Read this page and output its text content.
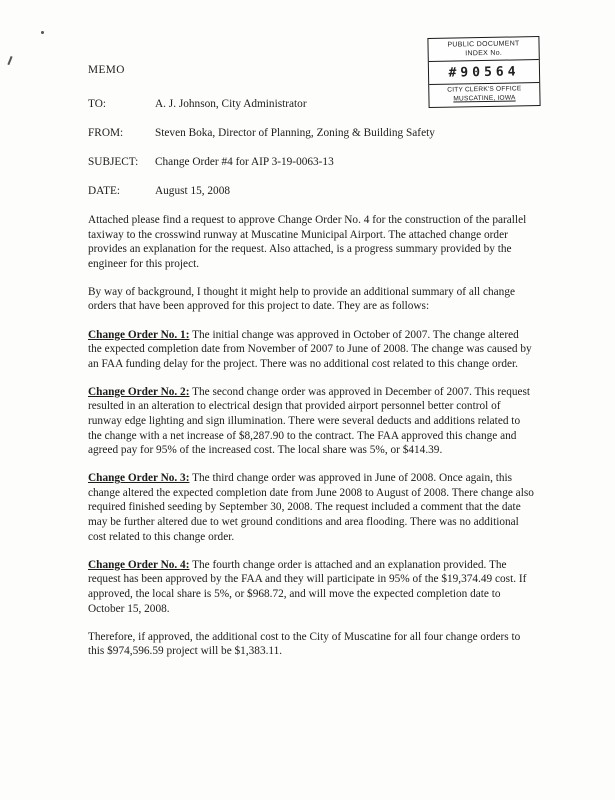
PUBLIC DOCUMENT
INDEX No.
#90564
CITY CLERK'S OFFICE
MUSCATINE, IOWA
MEMO
TO:	A. J. Johnson, City Administrator
FROM:	Steven Boka, Director of Planning, Zoning & Building Safety
SUBJECT:	Change Order #4 for AIP 3-19-0063-13
DATE:	August 15, 2008

Attached please find a request to approve Change Order No. 4 for the construction of the parallel taxiway to the crosswind runway at Muscatine Municipal Airport. The attached change order provides an explanation for the request. Also attached, is a progress summary provided by the engineer for this project.

By way of background, I thought it might help to provide an additional summary of all change orders that have been approved for this project to date. They are as follows:

Change Order No. 1: The initial change was approved in October of 2007. The change altered the expected completion date from November of 2007 to June of 2008. The change was caused by an FAA funding delay for the project. There was no additional cost related to this change order.

Change Order No. 2: The second change order was approved in December of 2007. This request resulted in an alteration to electrical design that provided airport personnel better control of runway edge lighting and sign illumination. There were several deducts and additions related to the change with a net increase of $8,287.90 to the contract. The FAA approved this change and agreed pay for 95% of the increased cost. The local share was 5%, or $414.39.

Change Order No. 3: The third change order was approved in June of 2008. Once again, this change altered the expected completion date from June 2008 to August of 2008. There change also required finished seeding by September 30, 2008. The request included a comment that the date may be further altered due to wet ground conditions and area flooding. There was no additional cost related to this change order.

Change Order No. 4: The fourth change order is attached and an explanation provided. The request has been approved by the FAA and they will participate in 95% of the $19,374.49 cost. If approved, the local share is 5%, or $968.72, and will move the expected completion date to October 15, 2008.

Therefore, if approved, the additional cost to the City of Muscatine for all four change orders to this $974,596.59 project will be $1,383.11.
